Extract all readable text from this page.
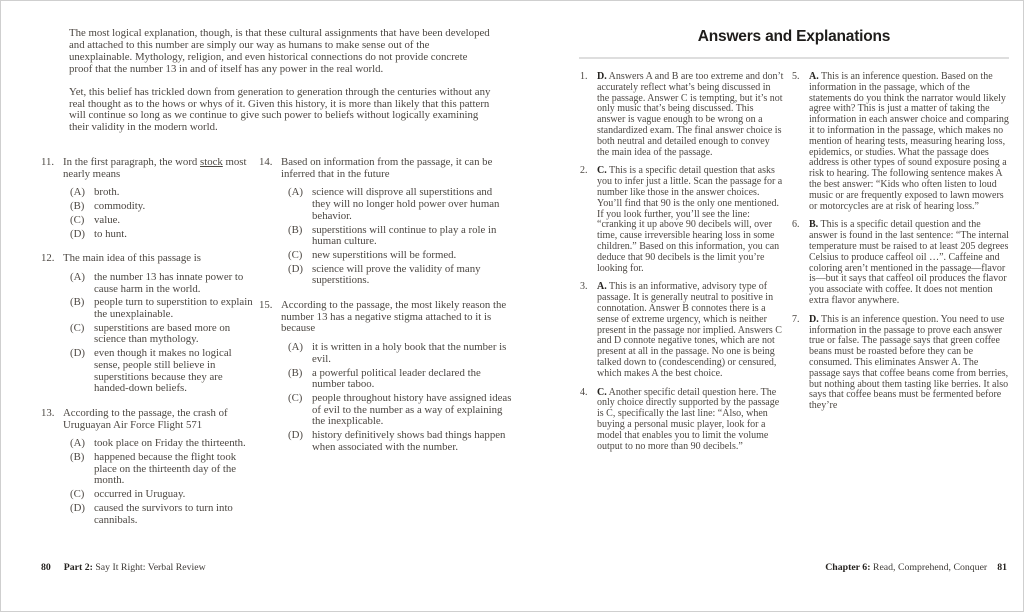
The most logical explanation, though, is that these cultural assignments that have been developed and attached to this number are simply our way as humans to make sense out of the unexplainable. Mythology, religion, and even historical connections do not provide concrete proof that the number 13 in and of itself has any power in the real world.

Yet, this belief has trickled down from generation to generation through the centuries without any real thought as to the hows or whys of it. Given this history, it is more than likely that this pattern will continue so long as we continue to give such power to beliefs without logically examining their validity in the modern world.

11. In the first paragraph, the word stock most nearly means
(A) broth.
(B) commodity.
(C) value.
(D) to hunt.
12. The main idea of this passage is
(A) the number 13 has innate power to cause harm in the world.
(B) people turn to superstition to explain the unexplainable.
(C) superstitions are based more on science than mythology.
(D) even though it makes no logical sense, people still believe in superstitions because they are handed-down beliefs.
13. According to the passage, the crash of Uruguayan Air Force Flight 571
(A) took place on Friday the thirteenth.
(B) happened because the flight took place on the thirteenth day of the month.
(C) occurred in Uruguay.
(D) caused the survivors to turn into cannibals.
14. Based on information from the passage, it can be inferred that in the future
(A) science will disprove all superstitions and they will no longer hold power over human behavior.
(B) superstitions will continue to play a role in human culture.
(C) new superstitions will be formed.
(D) science will prove the validity of many superstitions.
15. According to the passage, the most likely reason the number 13 has a negative stigma attached to it is because
(A) it is written in a holy book that the number is evil.
(B) a powerful political leader declared the number taboo.
(C) people throughout history have assigned ideas of evil to the number as a way of explaining the inexplicable.
(D) history definitively shows bad things happen when associated with the number.
80 Part 2: Say It Right: Verbal Review
Answers and Explanations
1. D. Answers A and B are too extreme and don’t accurately reflect what’s being discussed in the passage. Answer C is tempting, but it’s not only music that’s being discussed. This answer is vague enough to be wrong on a standardized exam. The final answer choice is both neutral and detailed enough to convey the main idea of the passage.
2. C. This is a specific detail question that asks you to infer just a little. Scan the passage for a number like those in the answer choices. You’ll find that 90 is the only one mentioned. If you look further, you’ll see the line: “cranking it up above 90 decibels will, over time, cause irreversible hearing loss in some children.” Based on this information, you can deduce that 90 decibels is the limit you’re looking for.
3. A. This is an informative, advisory type of passage. It is generally neutral to positive in connotation. Answer B connotes there is a sense of extreme urgency, which is neither present in the passage nor implied. Answers C and D connote negative tones, which are not present at all in the passage. No one is being talked down to (condescending) or censured, which makes A the best choice.
4. C. Another specific detail question here. The only choice directly supported by the passage is C, specifically the last line: “Also, when buying a personal music player, look for a model that enables you to limit the volume output to no more than 90 decibels.”
5. A. This is an inference question. Based on the information in the passage, which of the statements do you think the narrator would likely agree with? This is just a matter of taking the information in each answer choice and comparing it to information in the passage, which makes no mention of hearing tests, measuring hearing loss, epidemics, or studies. What the passage does address is other types of sound exposure posing a risk to hearing. The following sentence makes A the best answer: “Kids who often listen to loud music or are frequently exposed to lawn mowers or motorcycles are at risk of hearing loss.”
6. B. This is a specific detail question and the answer is found in the last sentence: “The internal temperature must be raised to at least 205 degrees Celsius to produce caffeol oil …”. Caffeine and coloring aren’t mentioned in the passage—flavor is—but it says that caffeol oil produces the flavor you associate with coffee. It does not mention extra flavor anywhere.
7. D. This is an inference question. You need to use information in the passage to prove each answer true or false. The passage says that green coffee beans must be roasted before they can be consumed. This eliminates Answer A. The passage says that coffee beans come from berries, but nothing about them tasting like berries. It also says that coffee beans must be fermented before they’re
Chapter 6: Read, Comprehend, Conquer 81
